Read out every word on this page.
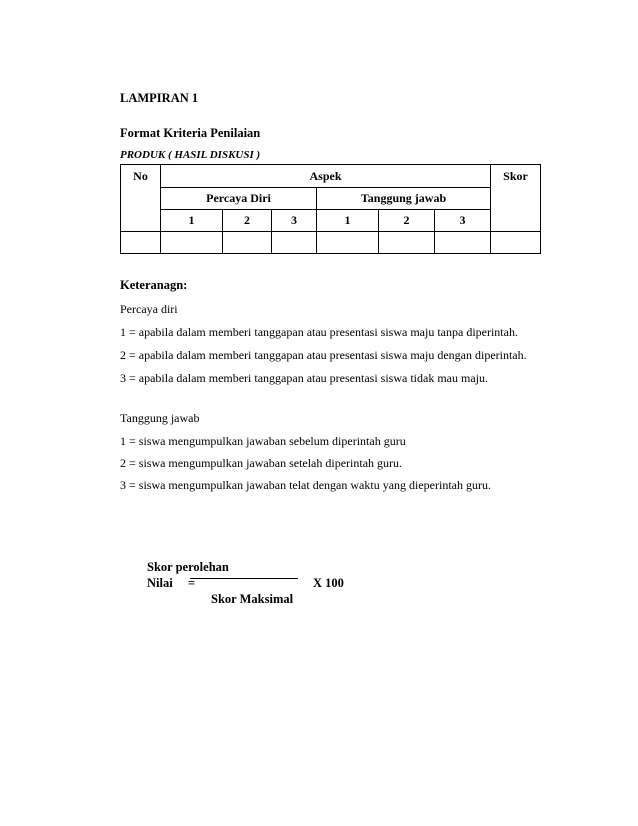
LAMPIRAN 1
Format Kriteria Penilaian
PRODUK ( HASIL DISKUSI )
No	Aspek						Skor
	Percaya Diri			Tanggung jawab			
	1	2	3	1	2	3	

Keteranagn:
Percaya diri
1 = apabila dalam memberi tanggapan atau presentasi siswa maju tanpa diperintah.
2 = apabila dalam memberi tanggapan atau presentasi siswa maju dengan diperintah.
3 = apabila dalam memberi tanggapan atau presentasi siswa tidak mau maju.
Tanggung jawab
1 = siswa mengumpulkan jawaban sebelum diperintah guru
2 = siswa mengumpulkan jawaban setelah diperintah guru.
3 = siswa mengumpulkan jawaban telat dengan waktu yang dieperintah guru.
Skor perolehan
Nilai =	X 100
Skor Maksimal
